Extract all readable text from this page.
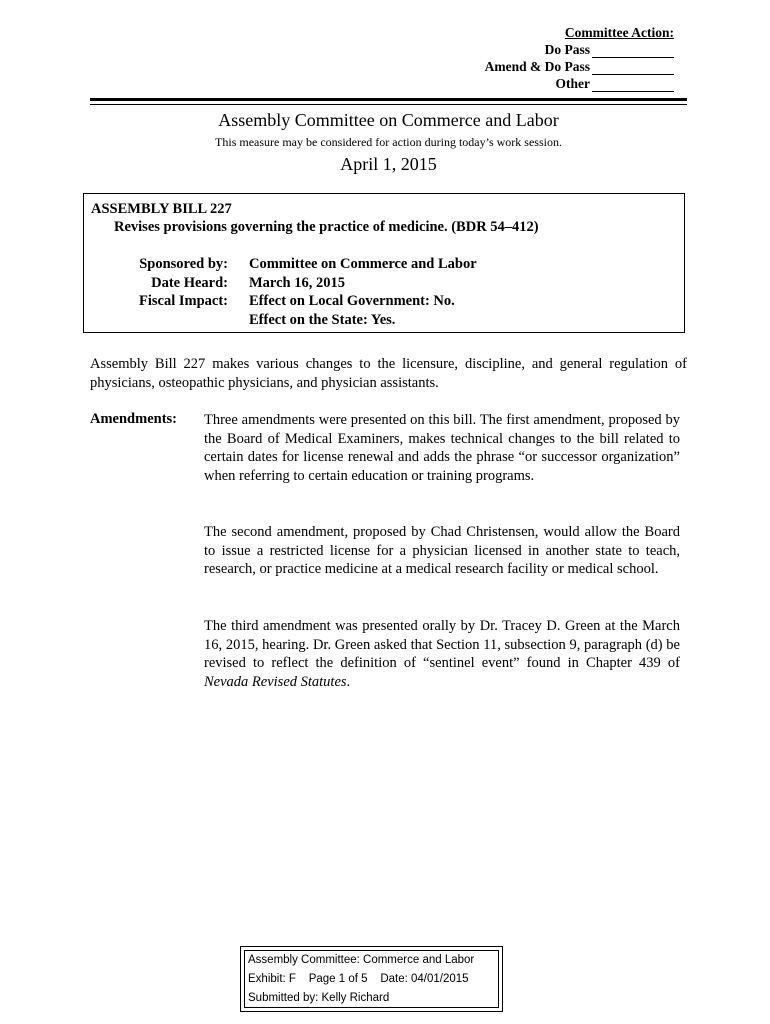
Committee Action:
Do Pass
Amend & Do Pass
Other
Assembly Committee on Commerce and Labor
This measure may be considered for action during today’s work session.
April 1, 2015
ASSEMBLY BILL 227
Revises provisions governing the practice of medicine. (BDR 54–412)
Sponsored by: Committee on Commerce and Labor
Date Heard: March 16, 2015
Fiscal Impact: Effect on Local Government: No.
Effect on the State: Yes.
Assembly Bill 227 makes various changes to the licensure, discipline, and general regulation of physicians, osteopathic physicians, and physician assistants.
Amendments: Three amendments were presented on this bill. The first amendment, proposed by the Board of Medical Examiners, makes technical changes to the bill related to certain dates for license renewal and adds the phrase “or successor organization” when referring to certain education or training programs.
The second amendment, proposed by Chad Christensen, would allow the Board to issue a restricted license for a physician licensed in another state to teach, research, or practice medicine at a medical research facility or medical school.
The third amendment was presented orally by Dr. Tracey D. Green at the March 16, 2015, hearing. Dr. Green asked that Section 11, subsection 9, paragraph (d) be revised to reflect the definition of “sentinel event” found in Chapter 439 of Nevada Revised Statutes.
Assembly Committee: Commerce and Labor
Exhibit: F    Page 1 of 5    Date: 04/01/2015
Submitted by: Kelly Richard
